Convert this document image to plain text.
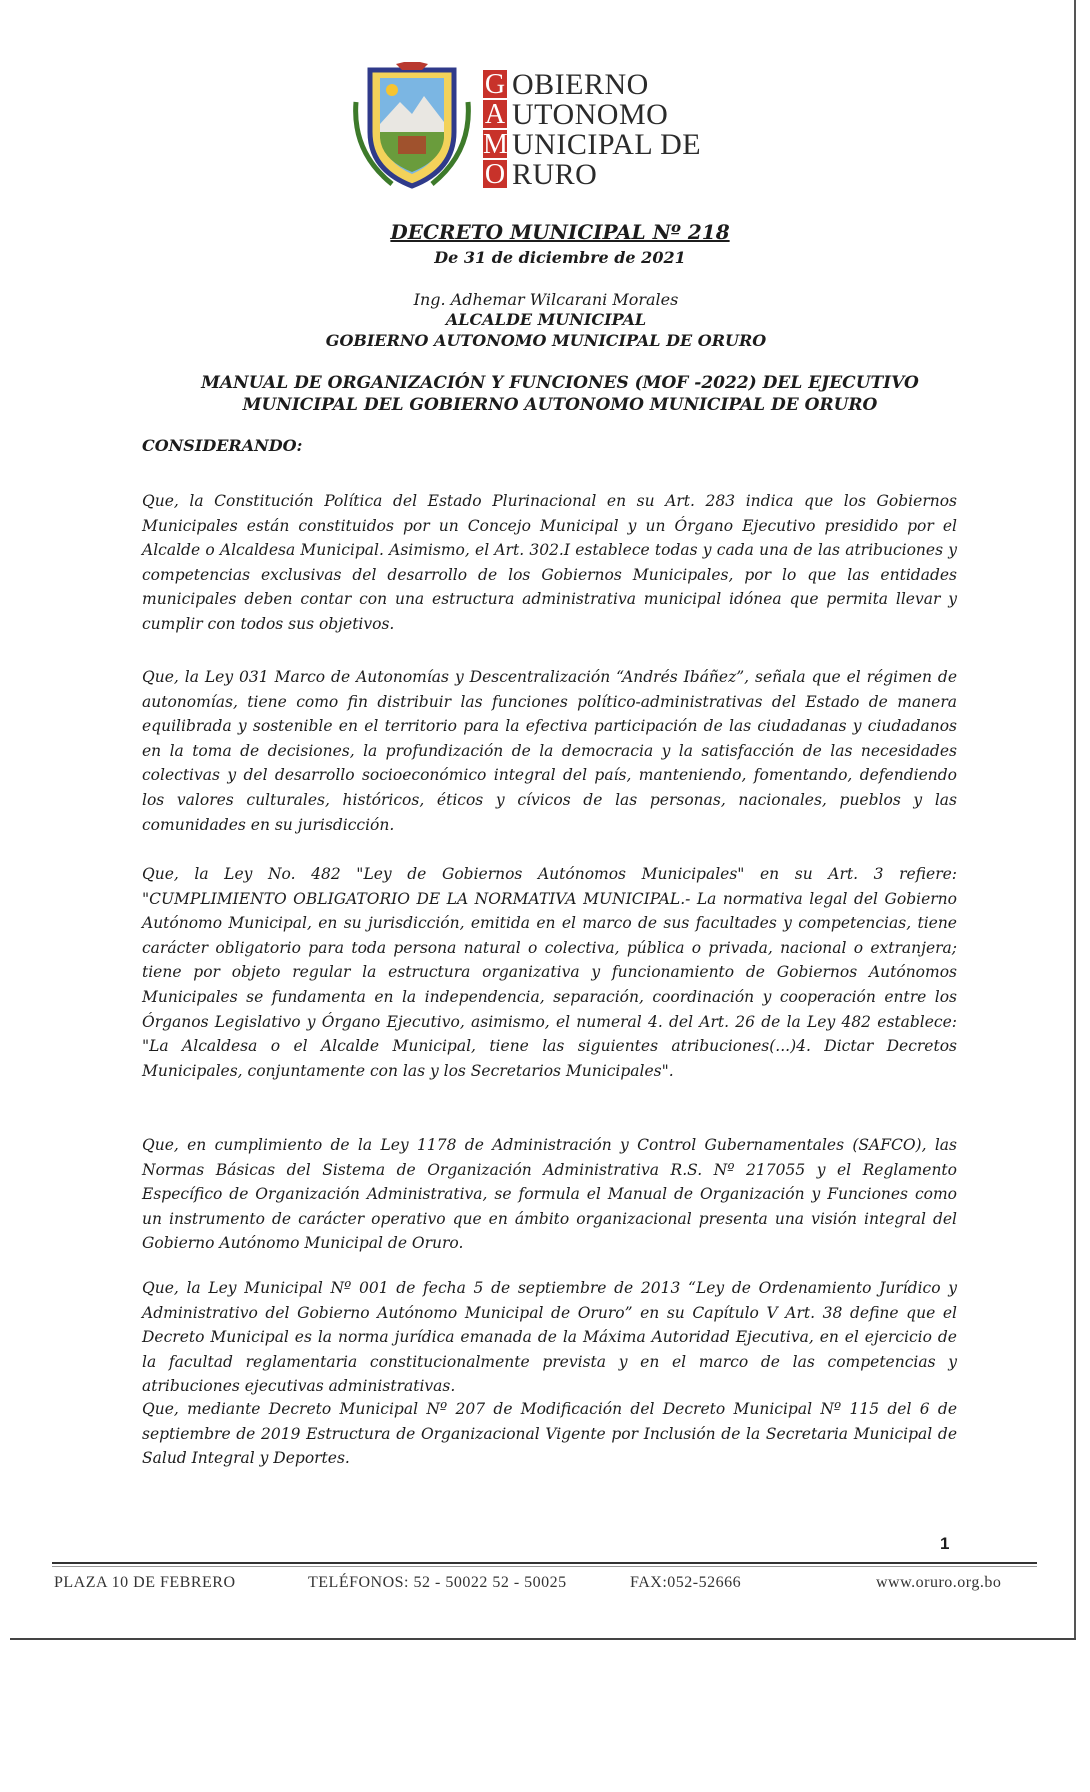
G
A
M
O
OBIERNO
UTONOMO
UNICIPAL DE
RURO
DECRETO MUNICIPAL Nº 218
De 31 de diciembre de 2021
Ing. Adhemar Wilcarani Morales
ALCALDE MUNICIPAL
GOBIERNO AUTONOMO MUNICIPAL DE ORURO
MANUAL DE ORGANIZACIÓN Y FUNCIONES (MOF -2022) DEL EJECUTIVO
MUNICIPAL DEL GOBIERNO AUTONOMO MUNICIPAL DE ORURO
CONSIDERANDO:

Que, la Constitución Política del Estado Plurinacional en su Art. 283 indica que los Gobiernos Municipales están constituidos por un Concejo Municipal y un Órgano Ejecutivo presidido por el Alcalde o Alcaldesa Municipal. Asimismo, el Art. 302.I establece todas y cada una de las atribuciones y competencias exclusivas del desarrollo de los Gobiernos Municipales, por lo que las entidades municipales deben contar con una estructura administrativa municipal idónea que permita llevar y cumplir con todos sus objetivos.

Que, la Ley 031 Marco de Autonomías y Descentralización “Andrés Ibáñez”, señala que el régimen de autonomías, tiene como fin distribuir las funciones político-administrativas del Estado de manera equilibrada y sostenible en el territorio para la efectiva participación de las ciudadanas y ciudadanos en la toma de decisiones, la profundización de la democracia y la satisfacción de las necesidades colectivas y del desarrollo socioeconómico integral del país, manteniendo, fomentando, defendiendo los valores culturales, históricos, éticos y cívicos de las personas, nacionales, pueblos y las comunidades en su jurisdicción.

Que, la Ley No. 482 "Ley de Gobiernos Autónomos Municipales" en su Art. 3 refiere: "CUMPLIMIENTO OBLIGATORIO DE LA NORMATIVA MUNICIPAL.- La normativa legal del Gobierno Autónomo Municipal, en su jurisdicción, emitida en el marco de sus facultades y competencias, tiene carácter obligatorio para toda persona natural o colectiva, pública o privada, nacional o extranjera; tiene por objeto regular la estructura organizativa y funcionamiento de Gobiernos Autónomos Municipales se fundamenta en la independencia, separación, coordinación y cooperación entre los Órganos Legislativo y Órgano Ejecutivo, asimismo, el numeral 4. del Art. 26 de la Ley 482 establece: "La Alcaldesa o el Alcalde Municipal, tiene las siguientes atribuciones(...)4. Dictar Decretos Municipales, conjuntamente con las y los Secretarios Municipales".

Que, en cumplimiento de la Ley 1178 de Administración y Control Gubernamentales (SAFCO), las Normas Básicas del Sistema de Organización Administrativa R.S. Nº 217055 y el Reglamento Específico de Organización Administrativa, se formula el Manual de Organización y Funciones como un instrumento de carácter operativo que en ámbito organizacional presenta una visión integral del Gobierno Autónomo Municipal de Oruro.

Que, la Ley Municipal Nº 001 de fecha 5 de septiembre de 2013 “Ley de Ordenamiento Jurídico y Administrativo del Gobierno Autónomo Municipal de Oruro” en su Capítulo V Art. 38 define que el Decreto Municipal es la norma jurídica emanada de la Máxima Autoridad Ejecutiva, en el ejercicio de la facultad reglamentaria constitucionalmente prevista y en el marco de las competencias y atribuciones ejecutivas administrativas.

Que, mediante Decreto Municipal Nº 207 de Modificación del Decreto Municipal Nº 115 del 6 de septiembre de 2019 Estructura de Organizacional Vigente por Inclusión de la Secretaria Municipal de Salud Integral y Deportes.

1
PLAZA 10 DE FEBRERO	TELÉFONOS: 52 - 50022 52 - 50025	FAX:052-52666	www.oruro.org.bo
